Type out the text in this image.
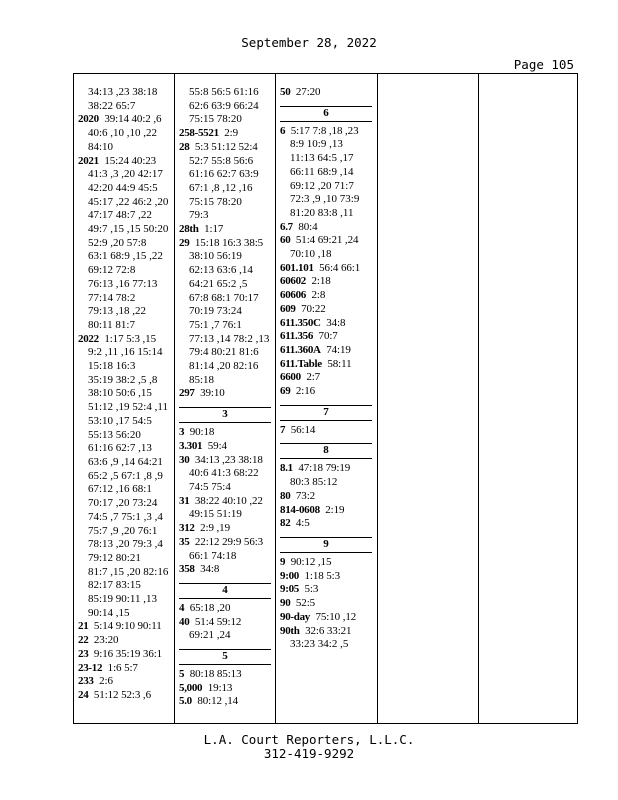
September 28, 2022
Page 105
34:13 ,23 38:18
38:22 65:7
2020  39:14 40:2 ,6
40:6 ,10 ,10 ,22
84:10
2021  15:24 40:23
41:3 ,3 ,20 42:17
42:20 44:9 45:5
45:17 ,22 46:2 ,20
47:17 48:7 ,22
49:7 ,15 ,15 50:20
52:9 ,20 57:8
63:1 68:9 ,15 ,22
69:12 72:8
76:13 ,16 77:13
77:14 78:2
79:13 ,18 ,22
80:11 81:7
2022  1:17 5:3 ,15
9:2 ,11 ,16 15:14
15:18 16:3
35:19 38:2 ,5 ,8
38:10 50:6 ,15
51:12 ,19 52:4 ,11
53:10 ,17 54:5
55:13 56:20
61:16 62:7 ,13
63:6 ,9 ,14 64:21
65:2 ,5 67:1 ,8 ,9
67:12 ,16 68:1
70:17 ,20 73:24
74:5 ,7 75:1 ,3 ,4
75:7 ,9 ,20 76:1
78:13 ,20 79:3 ,4
79:12 80:21
81:7 ,15 ,20 82:16
82:17 83:15
85:19 90:11 ,13
90:14 ,15
21  5:14 9:10 90:11
22  23:20
23  9:16 35:19 36:1
23-12  1:6 5:7
233  2:6
24  51:12 52:3 ,6
55:8 56:5 61:16
62:6 63:9 66:24
75:15 78:20
258-5521  2:9
28  5:3 51:12 52:4
52:7 55:8 56:6
61:16 62:7 63:9
67:1 ,8 ,12 ,16
75:15 78:20
79:3
28th  1:17
29  15:18 16:3 38:5
38:10 56:19
62:13 63:6 ,14
64:21 65:2 ,5
67:8 68:1 70:17
70:19 73:24
75:1 ,7 76:1
77:13 ,14 78:2 ,13
79:4 80:21 81:6
81:14 ,20 82:16
85:18
297  39:10
3
3  90:18
3.301  59:4
30  34:13 ,23 38:18
40:6 41:3 68:22
74:5 75:4
31  38:22 40:10 ,22
49:15 51:19
312  2:9 ,19
35  22:12 29:9 56:3
66:1 74:18
358  34:8
4
4  65:18 ,20
40  51:4 59:12
69:21 ,24
5
5  80:18 85:13
5,000  19:13
5.0  80:12 ,14
50  27:20
6
6  5:17 7:8 ,18 ,23
8:9 10:9 ,13
11:13 64:5 ,17
66:11 68:9 ,14
69:12 ,20 71:7
72:3 ,9 ,10 73:9
81:20 83:8 ,11
6.7  80:4
60  51:4 69:21 ,24
70:10 ,18
601.101  56:4 66:1
60602  2:18
60606  2:8
609  70:22
611.350C  34:8
611.356  70:7
611.360A  74:19
611.Table  58:11
6600  2:7
69  2:16
7
7  56:14
8
8.1  47:18 79:19
80:3 85:12
80  73:2
814-0608  2:19
82  4:5
9
9  90:12 ,15
9:00  1:18 5:3
9:05  5:3
90  52:5
90-day  75:10 ,12
90th  32:6 33:21
33:23 34:2 ,5
L.A. Court Reporters, L.L.C.
312-419-9292
